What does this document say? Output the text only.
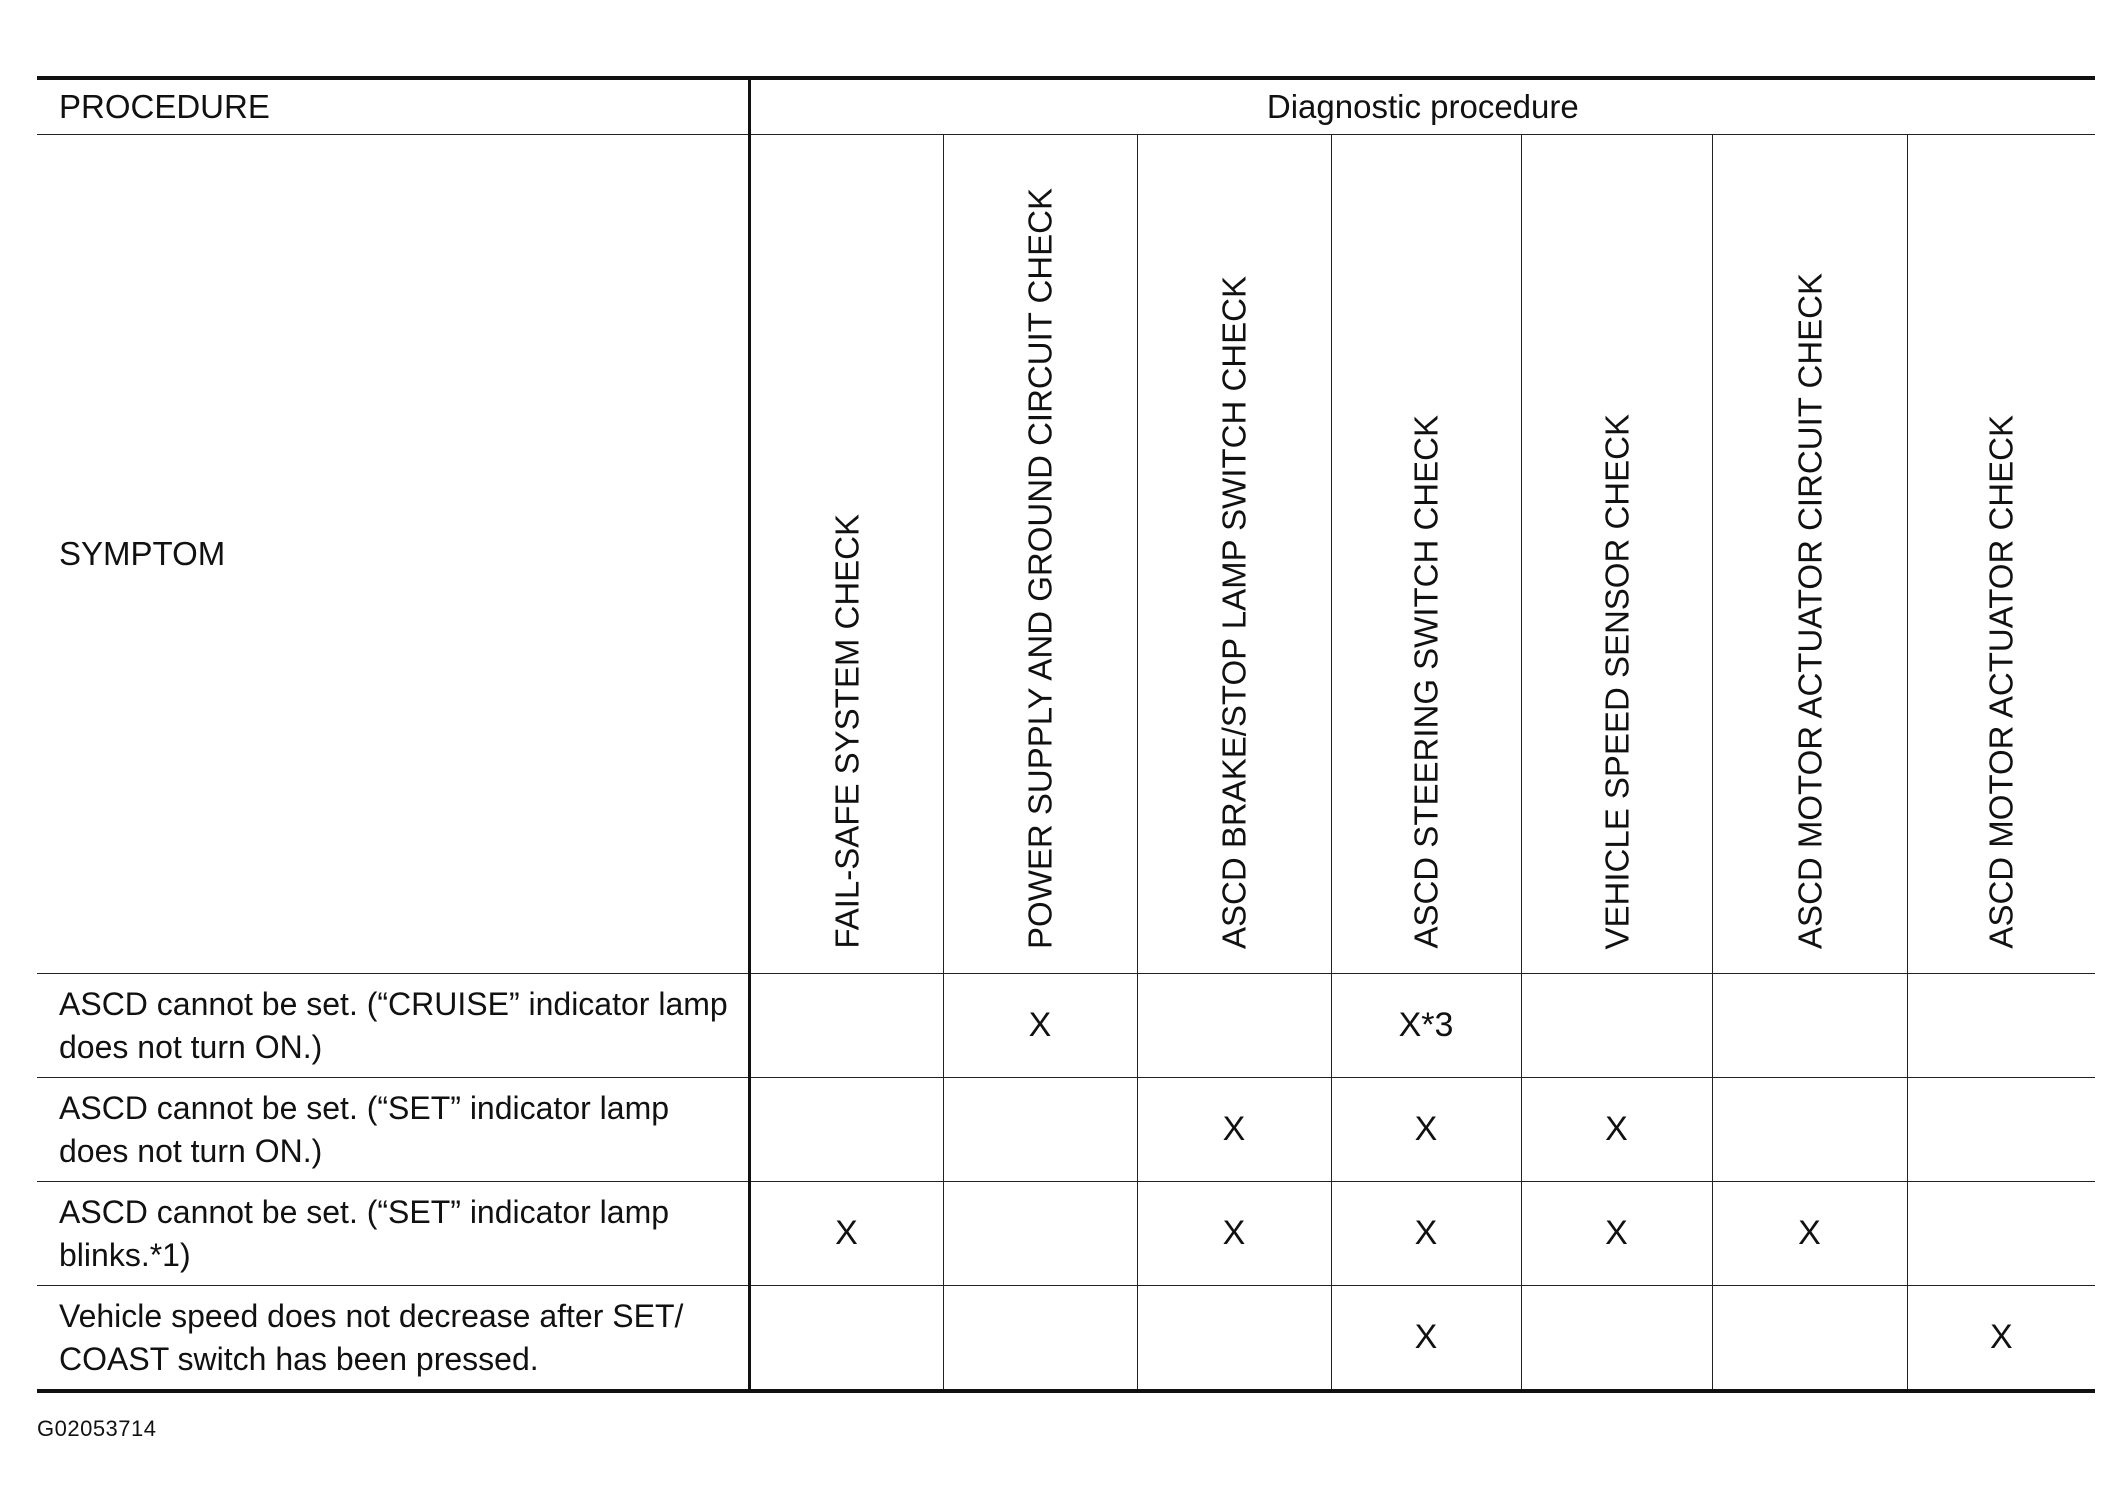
PROCEDURE	Diagnostic procedure						
SYMPTOM	FAIL-SAFE SYSTEM CHECK	POWER SUPPLY AND GROUND CIRCUIT CHECK	ASCD BRAKE/STOP LAMP SWITCH CHECK	ASCD STEERING SWITCH CHECK	VEHICLE SPEED SENSOR CHECK	ASCD MOTOR ACTUATOR CIRCUIT CHECK	ASCD MOTOR ACTUATOR CHECK

ASCD cannot be set. (“CRUISE” indicator lamp does not turn ON.)		X		X*3			
ASCD cannot be set. (“SET” indicator lamp does not turn ON.)			X	X	X		
ASCD cannot be set. (“SET” indicator lamp blinks.*1)	X		X	X	X	X	
Vehicle speed does not decrease after SET/ COAST switch has been pressed.				X			X
G02053714
